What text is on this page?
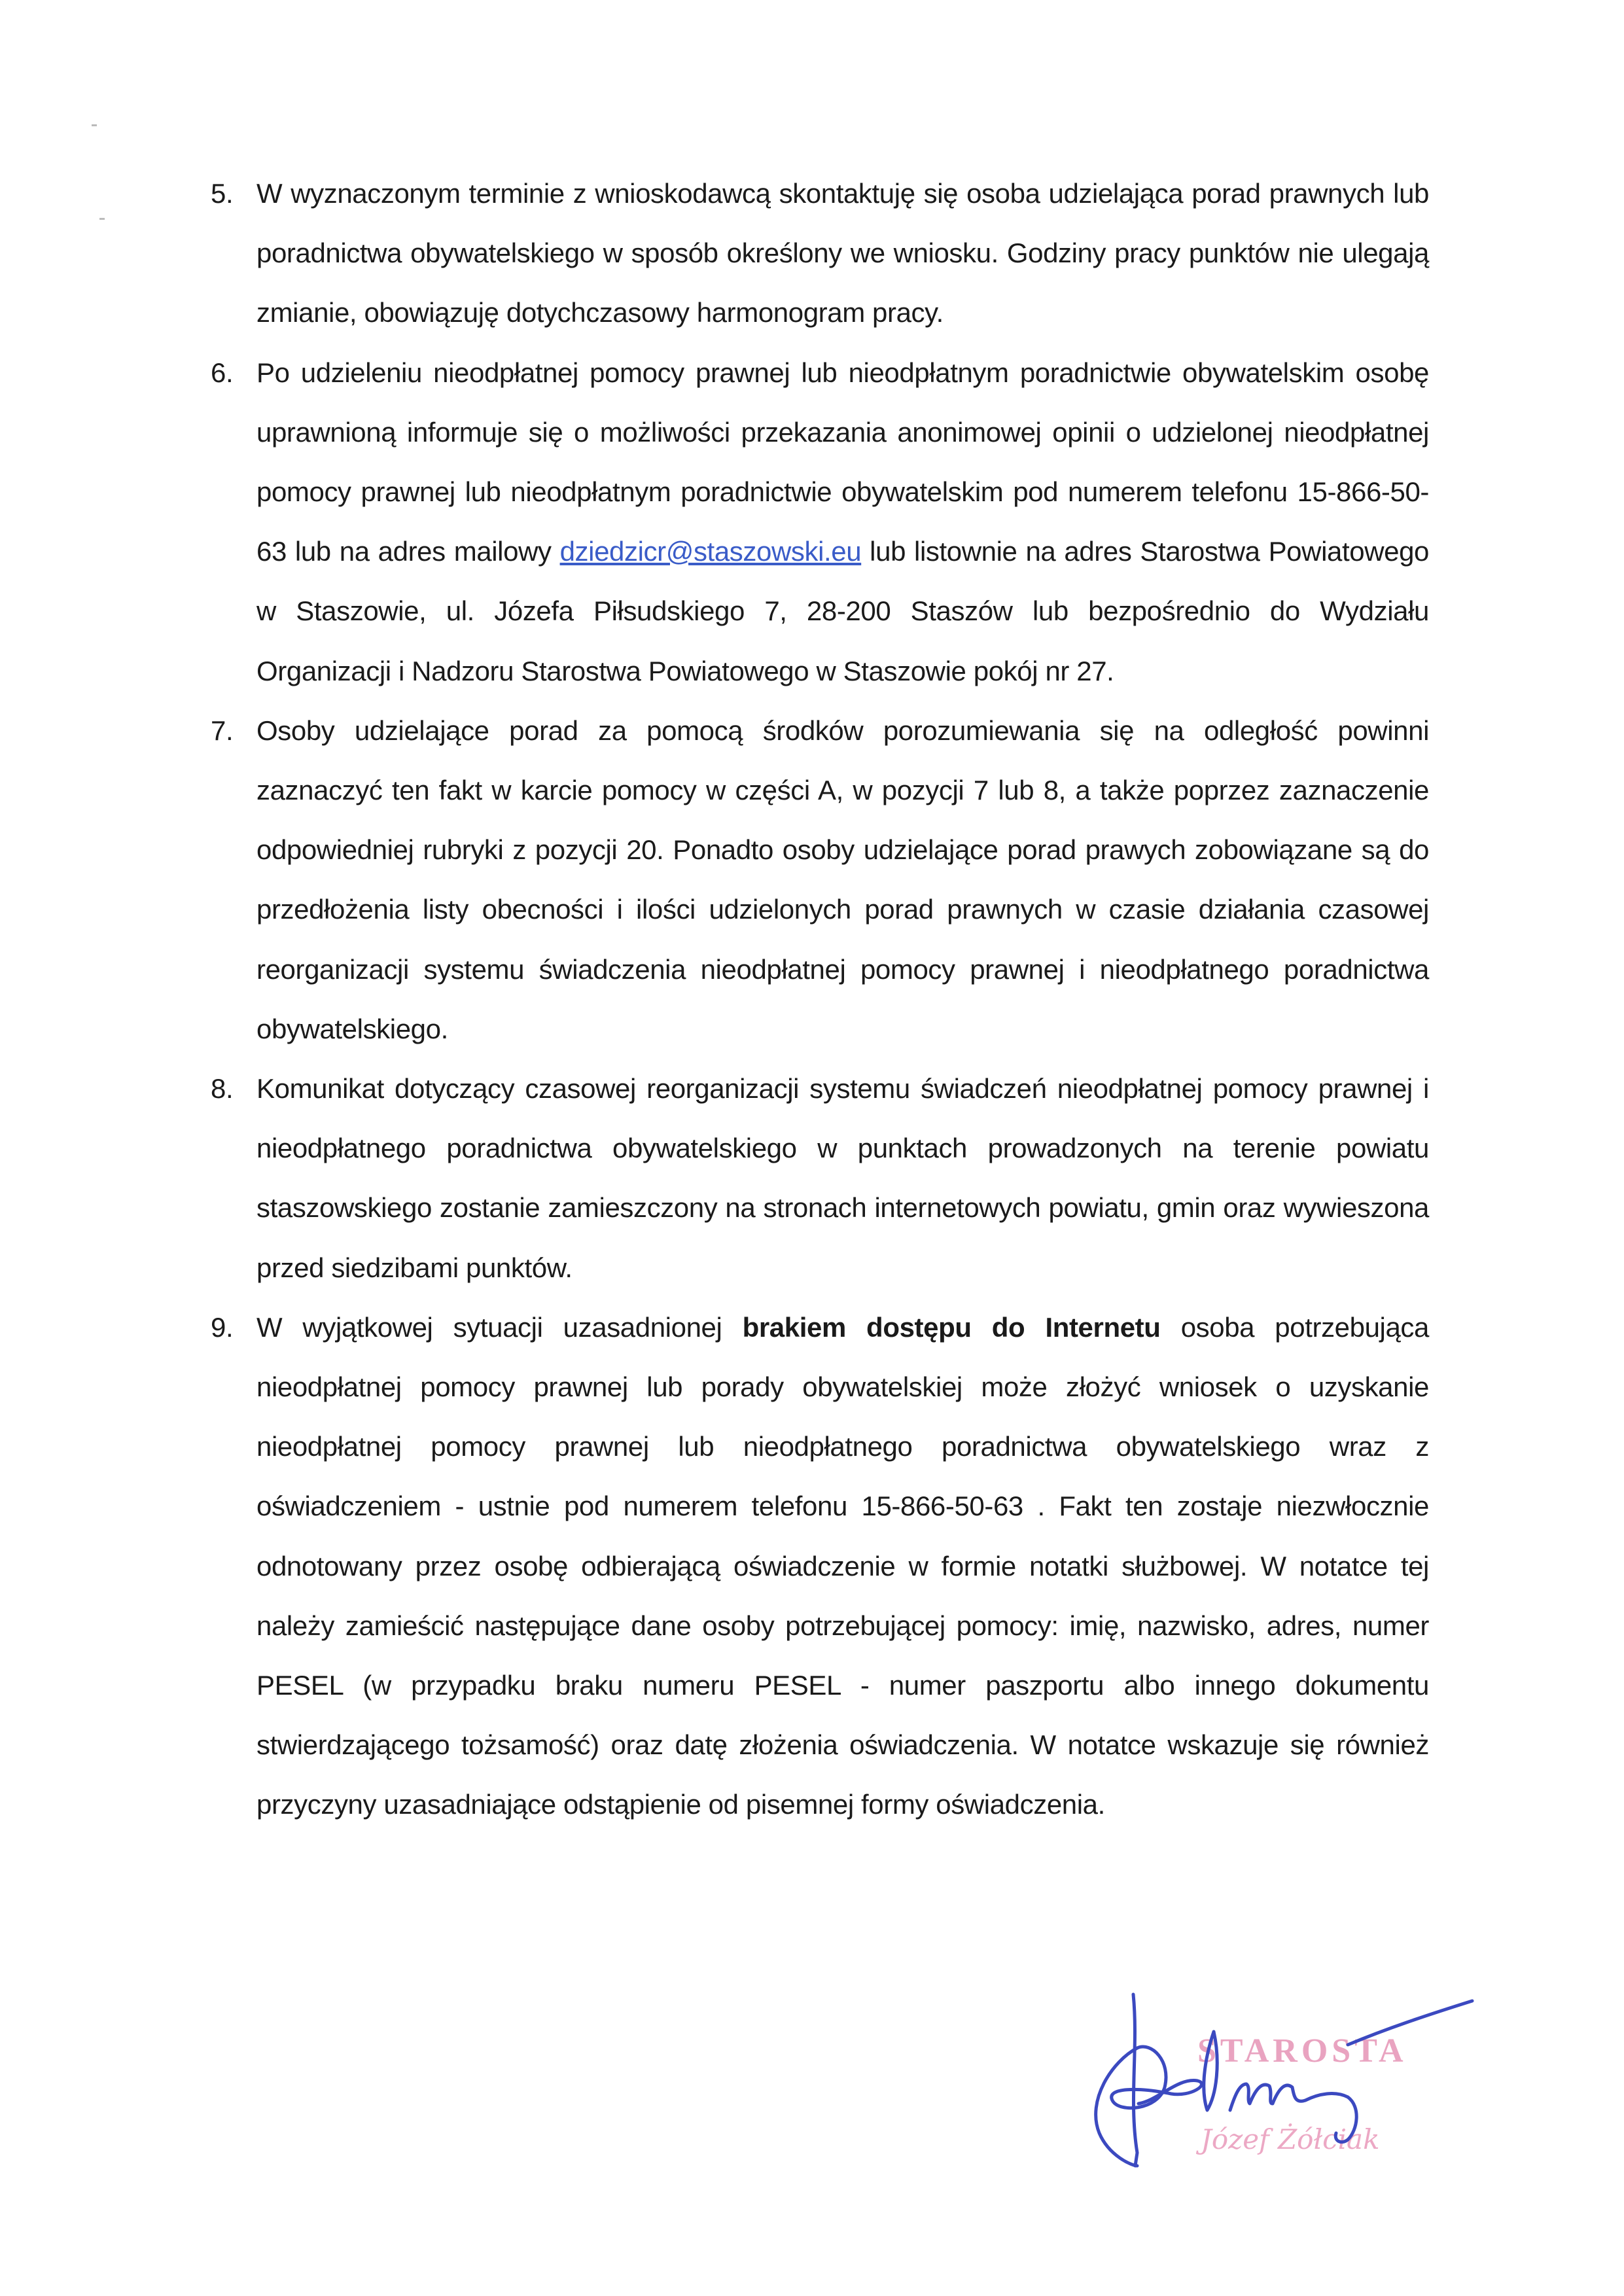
5. W wyznaczonym terminie z wnioskodawcą skontaktuję się osoba udzielająca porad prawnych lub poradnictwa obywatelskiego w sposób określony we wniosku. Godziny pracy punktów nie ulegają zmianie, obowiązuję dotychczasowy harmonogram pracy.
6. Po udzieleniu nieodpłatnej pomocy prawnej lub nieodpłatnym poradnictwie obywatelskim osobę uprawnioną informuje się o możliwości przekazania anonimowej opinii o udzielonej nieodpłatnej pomocy prawnej lub nieodpłatnym poradnictwie obywatelskim pod numerem telefonu 15-866-50-63 lub na adres mailowy dziedzicr@staszowski.eu lub listownie na adres Starostwa Powiatowego w Staszowie, ul. Józefa Piłsudskiego 7, 28-200 Staszów lub bezpośrednio do Wydziału Organizacji i Nadzoru Starostwa Powiatowego w Staszowie pokój nr 27.
7. Osoby udzielające porad za pomocą środków porozumiewania się na odległość powinni zaznaczyć ten fakt w karcie pomocy w części A, w pozycji 7 lub 8, a także poprzez zaznaczenie odpowiedniej rubryki z pozycji 20. Ponadto osoby udzielające porad prawych zobowiązane są do przedłożenia listy obecności i ilości udzielonych porad prawnych w czasie działania czasowej reorganizacji systemu świadczenia nieodpłatnej pomocy prawnej i nieodpłatnego poradnictwa obywatelskiego.
8. Komunikat dotyczący czasowej reorganizacji systemu świadczeń nieodpłatnej pomocy prawnej i nieodpłatnego poradnictwa obywatelskiego w punktach prowadzonych na terenie powiatu staszowskiego zostanie zamieszczony na stronach internetowych powiatu, gmin oraz wywieszona przed siedzibami punktów.
9. W wyjątkowej sytuacji uzasadnionej brakiem dostępu do Internetu osoba potrzebująca nieodpłatnej pomocy prawnej lub porady obywatelskiej może złożyć wniosek o uzyskanie nieodpłatnej pomocy prawnej lub nieodpłatnego poradnictwa obywatelskiego wraz z oświadczeniem - ustnie pod numerem telefonu 15-866-50-63 . Fakt ten zostaje niezwłocznie odnotowany przez osobę odbierającą oświadczenie w formie notatki służbowej. W notatce tej należy zamieścić następujące dane osoby potrzebującej pomocy: imię, nazwisko, adres, numer PESEL (w przypadku braku numeru PESEL - numer paszportu albo innego dokumentu stwierdzającego tożsamość) oraz datę złożenia oświadczenia. W notatce wskazuje się również przyczyny uzasadniające odstąpienie od pisemnej formy oświadczenia.
STAROSTA
Józef Żółciak
